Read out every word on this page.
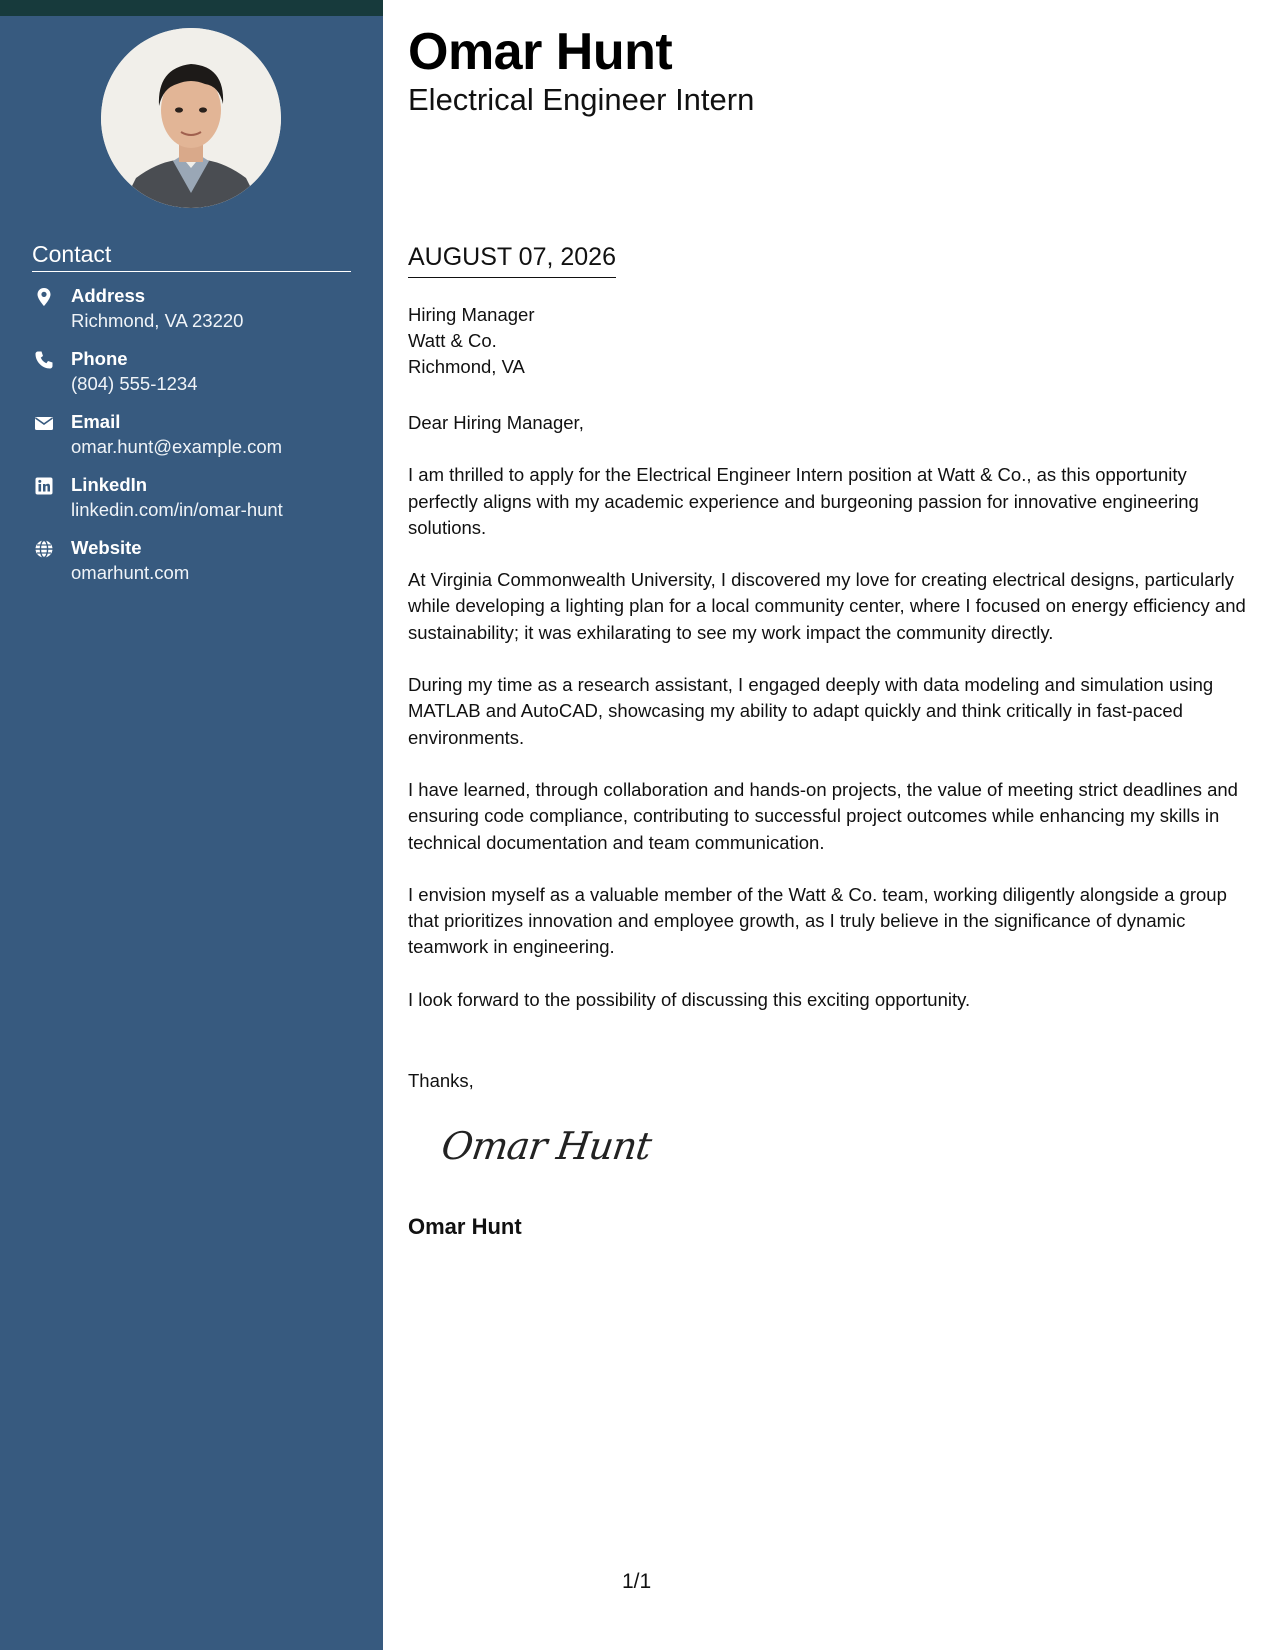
Contact
Address
Richmond, VA 23220
Phone
(804) 555-1234
Email
omar.hunt@example.com
LinkedIn
linkedin.com/in/omar-hunt
Website
omarhunt.com
Omar Hunt
Electrical Engineer Intern
AUGUST 07, 2026
Hiring Manager
Watt & Co.
Richmond, VA

Dear Hiring Manager,

I am thrilled to apply for the Electrical Engineer Intern position at Watt & Co., as this opportunity perfectly aligns with my academic experience and burgeoning passion for innovative engineering solutions.

At Virginia Commonwealth University, I discovered my love for creating electrical designs, particularly while developing a lighting plan for a local community center, where I focused on energy efficiency and sustainability; it was exhilarating to see my work impact the community directly.

During my time as a research assistant, I engaged deeply with data modeling and simulation using MATLAB and AutoCAD, showcasing my ability to adapt quickly and think critically in fast-paced environments.

I have learned, through collaboration and hands-on projects, the value of meeting strict deadlines and ensuring code compliance, contributing to successful project outcomes while enhancing my skills in technical documentation and team communication.

I envision myself as a valuable member of the Watt & Co. team, working diligently alongside a group that prioritizes innovation and employee growth, as I truly believe in the significance of dynamic teamwork in engineering.

I look forward to the possibility of discussing this exciting opportunity.

Thanks,
Omar Hunt
Omar Hunt
1/1
